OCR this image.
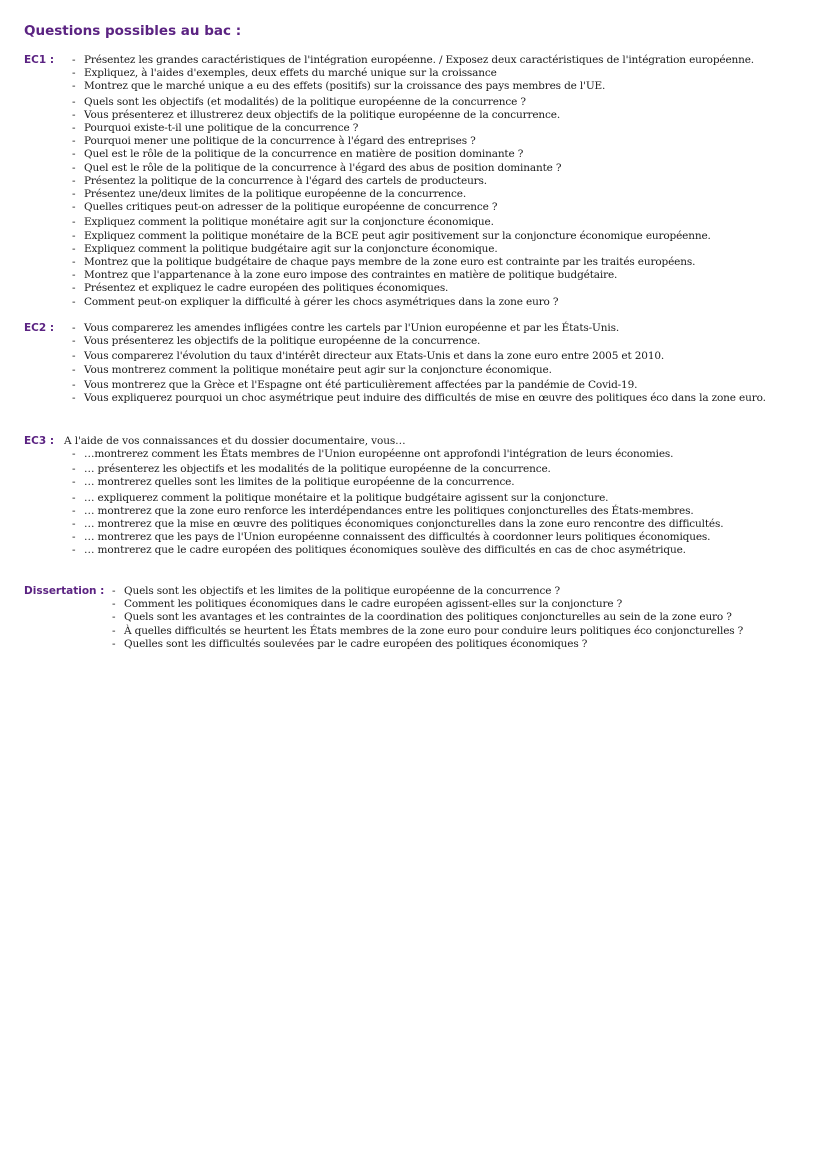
Questions possibles au bac :
EC1 :	- Présentez les grandes caractéristiques de l'intégration européenne. / Exposez deux caractéristiques de l'intégration européenne.
- Expliquez, à l'aides d'exemples, deux effets du marché unique sur la croissance
- Montrez que le marché unique a eu des effets (positifs) sur la croissance des pays membres de l'UE.
- Quels sont les objectifs (et modalités) de la politique européenne de la concurrence ?
- Vous présenterez et illustrerez deux objectifs de la politique européenne de la concurrence.
- Pourquoi existe-t-il une politique de la concurrence ?
- Pourquoi mener une politique de la concurrence à l'égard des entreprises ?
- Quel est le rôle de la politique de la concurrence en matière de position dominante ?
- Quel est le rôle de la politique de la concurrence à l'égard des abus de position dominante ?
- Présentez la politique de la concurrence à l'égard des cartels de producteurs.
- Présentez une/deux limites de la politique européenne de la concurrence.
- Quelles critiques peut-on adresser de la politique européenne de concurrence ?
- Expliquez comment la politique monétaire agit sur la conjoncture économique.
- Expliquez comment la politique monétaire de la BCE peut agir positivement sur la conjoncture économique européenne.
- Expliquez comment la politique budgétaire agit sur la conjoncture économique.
- Montrez que la politique budgétaire de chaque pays membre de la zone euro est contrainte par les traités européens.
- Montrez que l'appartenance à la zone euro impose des contraintes en matière de politique budgétaire.
- Présentez et expliquez le cadre européen des politiques économiques.
- Comment peut-on expliquer la difficulté à gérer les chocs asymétriques dans la zone euro ?
EC2 :	- Vous comparerez les amendes infligées contre les cartels par l'Union européenne et par les États-Unis.
- Vous présenterez les objectifs de la politique européenne de la concurrence.
- Vous comparerez l'évolution du taux d'intérêt directeur aux Etats-Unis et dans la zone euro entre 2005 et 2010.
- Vous montrerez comment la politique monétaire peut agir sur la conjoncture économique.
- Vous montrerez que la Grèce et l'Espagne ont été particulièrement affectées par la pandémie de Covid-19.
- Vous expliquerez pourquoi un choc asymétrique peut induire des difficultés de mise en œuvre des politiques éco dans la zone euro.
EC3 : A l'aide de vos connaissances et du dossier documentaire, vous…
- …montrerez comment les États membres de l'Union européenne ont approfondi l'intégration de leurs économies.
- … présenterez les objectifs et les modalités de la politique européenne de la concurrence.
- … montrerez quelles sont les limites de la politique européenne de la concurrence.
- … expliquerez comment la politique monétaire et la politique budgétaire agissent sur la conjoncture.
- … montrerez que la zone euro renforce les interdépendances entre les politiques conjoncturelles des États-membres.
- … montrerez que la mise en œuvre des politiques économiques conjoncturelles dans la zone euro rencontre des difficultés.
- … montrerez que les pays de l'Union européenne connaissent des difficultés à coordonner leurs politiques économiques.
- … montrerez que le cadre européen des politiques économiques soulève des difficultés en cas de choc asymétrique.
Dissertation :	- Quels sont les objectifs et les limites de la politique européenne de la concurrence ?
- Comment les politiques économiques dans le cadre européen agissent-elles sur la conjoncture ?
- Quels sont les avantages et les contraintes de la coordination des politiques conjoncturelles au sein de la zone euro ?
- À quelles difficultés se heurtent les États membres de la zone euro pour conduire leurs politiques éco conjoncturelles ?
- Quelles sont les difficultés soulevées par le cadre européen des politiques économiques ?
